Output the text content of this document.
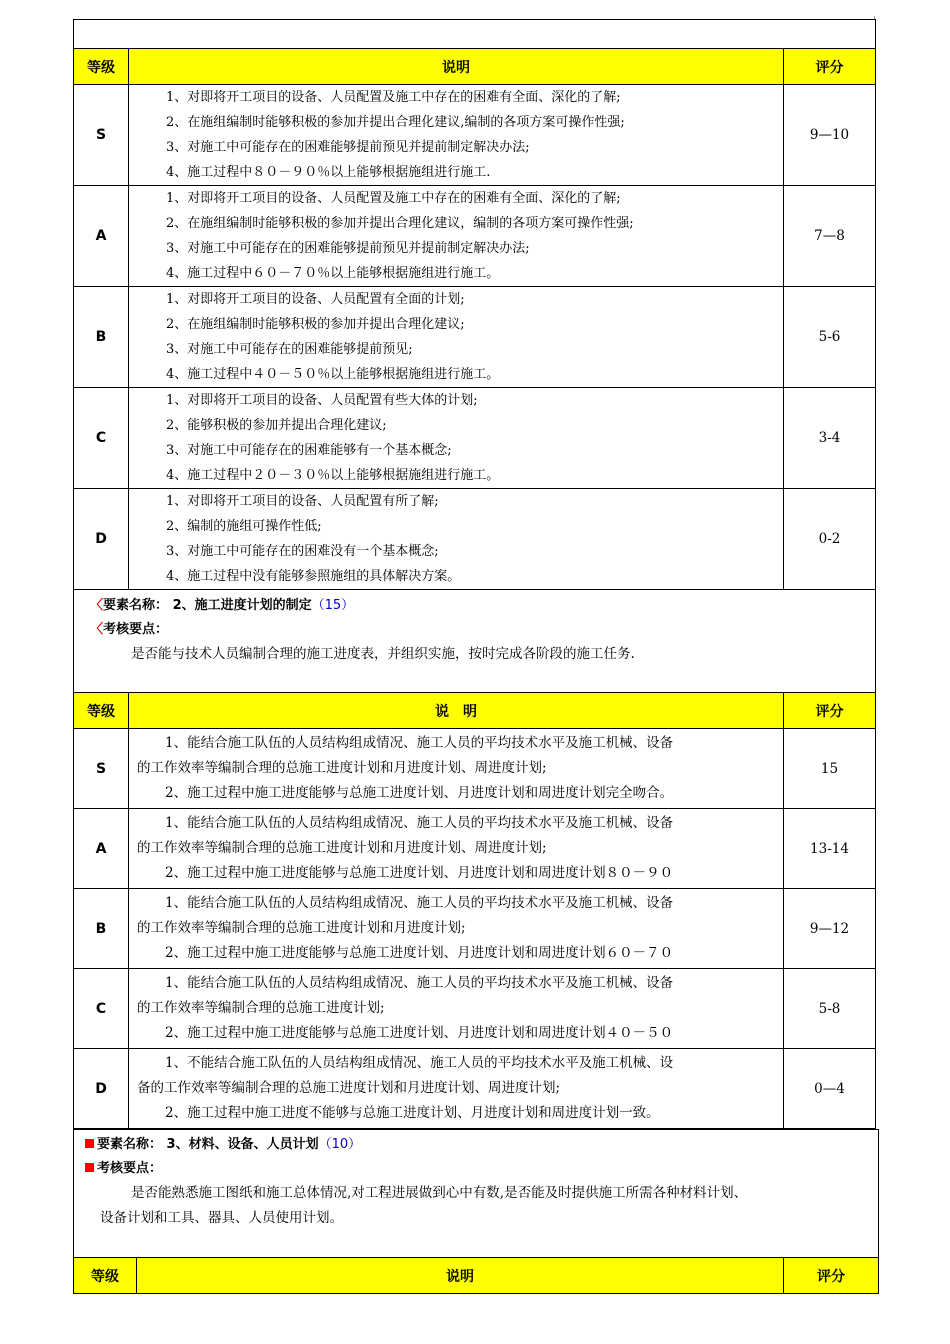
等级	说明	评分
S	1、对即将开工项目的设备、人员配置及施工中存在的困难有全面、深化的了解;
2、在施组编制时能够积极的参加并提出合理化建议,编制的各项方案可操作性强;
3、对施工中可能存在的困难能够提前预见并提前制定解决办法;
4、施工过程中８０－９０％以上能够根据施组进行施工.	9—10
A	1、对即将开工项目的设备、人员配置及施工中存在的困难有全面、深化的了解;
2、在施组编制时能够积极的参加并提出合理化建议，编制的各项方案可操作性强;
3、对施工中可能存在的困难能够提前预见并提前制定解决办法;
4、施工过程中６０－７０％以上能够根据施组进行施工。	7—8
B	1、对即将开工项目的设备、人员配置有全面的计划;
2、在施组编制时能够积极的参加并提出合理化建议;
3、对施工中可能存在的困难能够提前预见;
4、施工过程中４０－５０％以上能够根据施组进行施工。	5-6
C	1、对即将开工项目的设备、人员配置有些大体的计划;
2、能够积极的参加并提出合理化建议;
3、对施工中可能存在的困难能够有一个基本概念;
4、施工过程中２０－３０％以上能够根据施组进行施工。	3-4
D	1、对即将开工项目的设备、人员配置有所了解;
2、编制的施组可操作性低;
3、对施工中可能存在的困难没有一个基本概念;
4、施工过程中没有能够参照施组的具体解决方案。	0-2

〈要素名称： 2、施工进度计划的制定（15）
〈考核要点：
是否能与技术人员编制合理的施工进度表，并组织实施，按时完成各阶段的施工任务.		

等级	说　明	评分
S	1、能结合施工队伍的人员结构组成情况、施工人员的平均技术水平及施工机械、设备
的工作效率等编制合理的总施工进度计划和月进度计划、周进度计划;
2、施工过程中施工进度能够与总施工进度计划、月进度计划和周进度计划完全吻合。	15
A	1、能结合施工队伍的人员结构组成情况、施工人员的平均技术水平及施工机械、设备
的工作效率等编制合理的总施工进度计划和月进度计划、周进度计划;
2、施工过程中施工进度能够与总施工进度计划、月进度计划和周进度计划８０－９０	13-14
B	1、能结合施工队伍的人员结构组成情况、施工人员的平均技术水平及施工机械、设备
的工作效率等编制合理的总施工进度计划和月进度计划;
2、施工过程中施工进度能够与总施工进度计划、月进度计划和周进度计划６０－７０	9—12
C	1、能结合施工队伍的人员结构组成情况、施工人员的平均技术水平及施工机械、设备
的工作效率等编制合理的总施工进度计划;
2、施工过程中施工进度能够与总施工进度计划、月进度计划和周进度计划４０－５０	5-8
D	1、不能结合施工队伍的人员结构组成情况、施工人员的平均技术水平及施工机械、设
备的工作效率等编制合理的总施工进度计划和月进度计划、周进度计划;
2、施工过程中施工进度不能够与总施工进度计划、月进度计划和周进度计划一致。	0—4
要素名称： 3、材料、设备、人员计划（10）
考核要点：
是否能熟悉施工图纸和施工总体情况,对工程进展做到心中有数,是否能及时提供施工所需各种材料计划、
设备计划和工具、器具、人员使用计划。

等级	说明	评分
